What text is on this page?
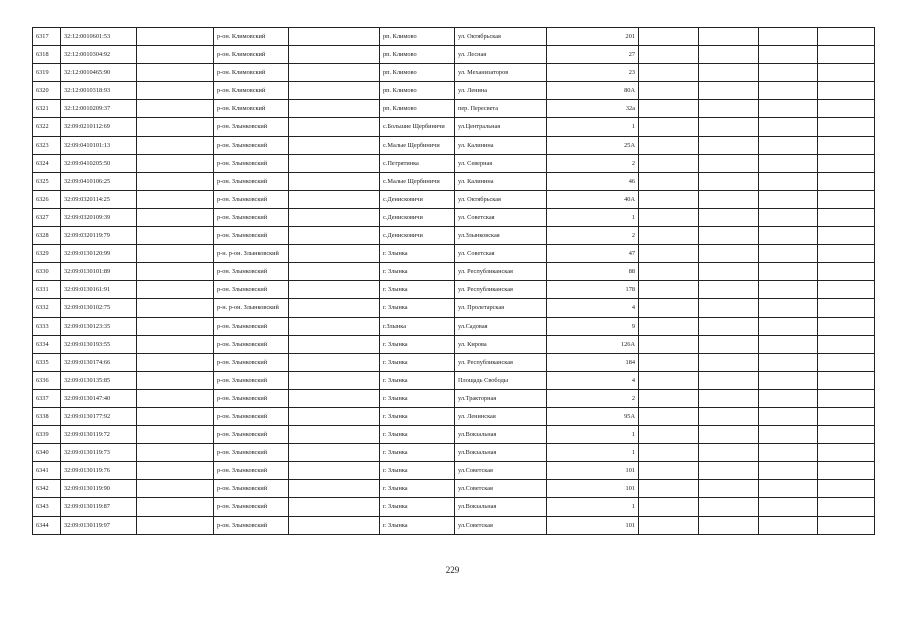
6317	32:12:0010601:53		р-он. Климовский		рп. Климово	ул. Октябрьская	201				
6318	32:12:0010304:92		р-он. Климовский		рп. Климово	ул. Лесная	27				
6319	32:12:0010465:90		р-он. Климовский		рп. Климово	ул. Механизаторов	23				
6320	32:12:0010318:93		р-он. Климовский		рп. Климово	ул. Ленина	80А				
6321	32:12:0010209:37		р-он. Климовский		рп. Климово	пер. Пересвета	32а				
6322	32:09:0210112:69		р-он. Злынковский		с.Большие Щербиничи	ул.Центральная	1				
6323	32:09:0410101:13		р-он. Злынковский		с.Малые Щербиничи	ул. Калинина	25А				
6324	32:09:0410205:50		р-он. Злынковский		с.Петрятинка	ул. Северная	2				
6325	32:09:0410106:25		р-он. Злынковский		с.Малые Щербиничи	ул. Калинина	46				
6326	32:09:0320114:25		р-он. Злынковский		с.Денисковичи	ул. Октябрьская	40А				
6327	32:09:0320109:39		р-он. Злынковский		с.Денисковичи	ул. Советская	1				
6328	32:09:0320119:79		р-он. Злынковский		с.Денисковичи	ул.Злынковская	2				
6329	32:09:0130120:99		р-н. р-он. Злынковский		г. Злынка	ул. Советская	47				
6330	32:09:0130101:89		р-он. Злынковский		г. Злынка	ул. Республиканская	88				
6331	32:09:0130161:91		р-он. Злынковский		г. Злынка	ул. Республиканская	178				
6332	32:09:0130102:75		р-н. р-он. Злынковский		г. Злынка	ул. Пролетарская	4				
6333	32:09:0130123:35		р-он. Злынковский		г.Злынка	ул.Садовая	9				
6334	32:09:0130193:55		р-он. Злынковский		г. Злынка	ул. Кирова	126А				
6335	32:09:0130174:66		р-он. Злынковский		г. Злынка	ул. Республиканская	184				
6336	32:09:0130135:85		р-он. Злынковский		г. Злынка	Площадь Свободы	4				
6337	32:09:0130147:40		р-он. Злынковский		г. Злынка	ул.Тракторная	2				
6338	32:09:0130177:92		р-он. Злынковский		г. Злынка	ул. Ленинская	95А				
6339	32:09:0130119:72		р-он. Злынковский		г. Злынка	ул.Вокзальная	1				
6340	32:09:0130119:73		р-он. Злынковский		г. Злынка	ул.Вокзальная	1				
6341	32:09:0130119:76		р-он. Злынковский		г. Злынка	ул.Советская	101				
6342	32:09:0130119:90		р-он. Злынковский		г. Злынка	ул.Советская	101				
6343	32:09:0130119:87		р-он. Злынковский		г. Злынка	ул.Вокзальная	1				
6344	32:09:0130119:97		р-он. Злынковский		г. Злынка	ул.Советская	101				
229
